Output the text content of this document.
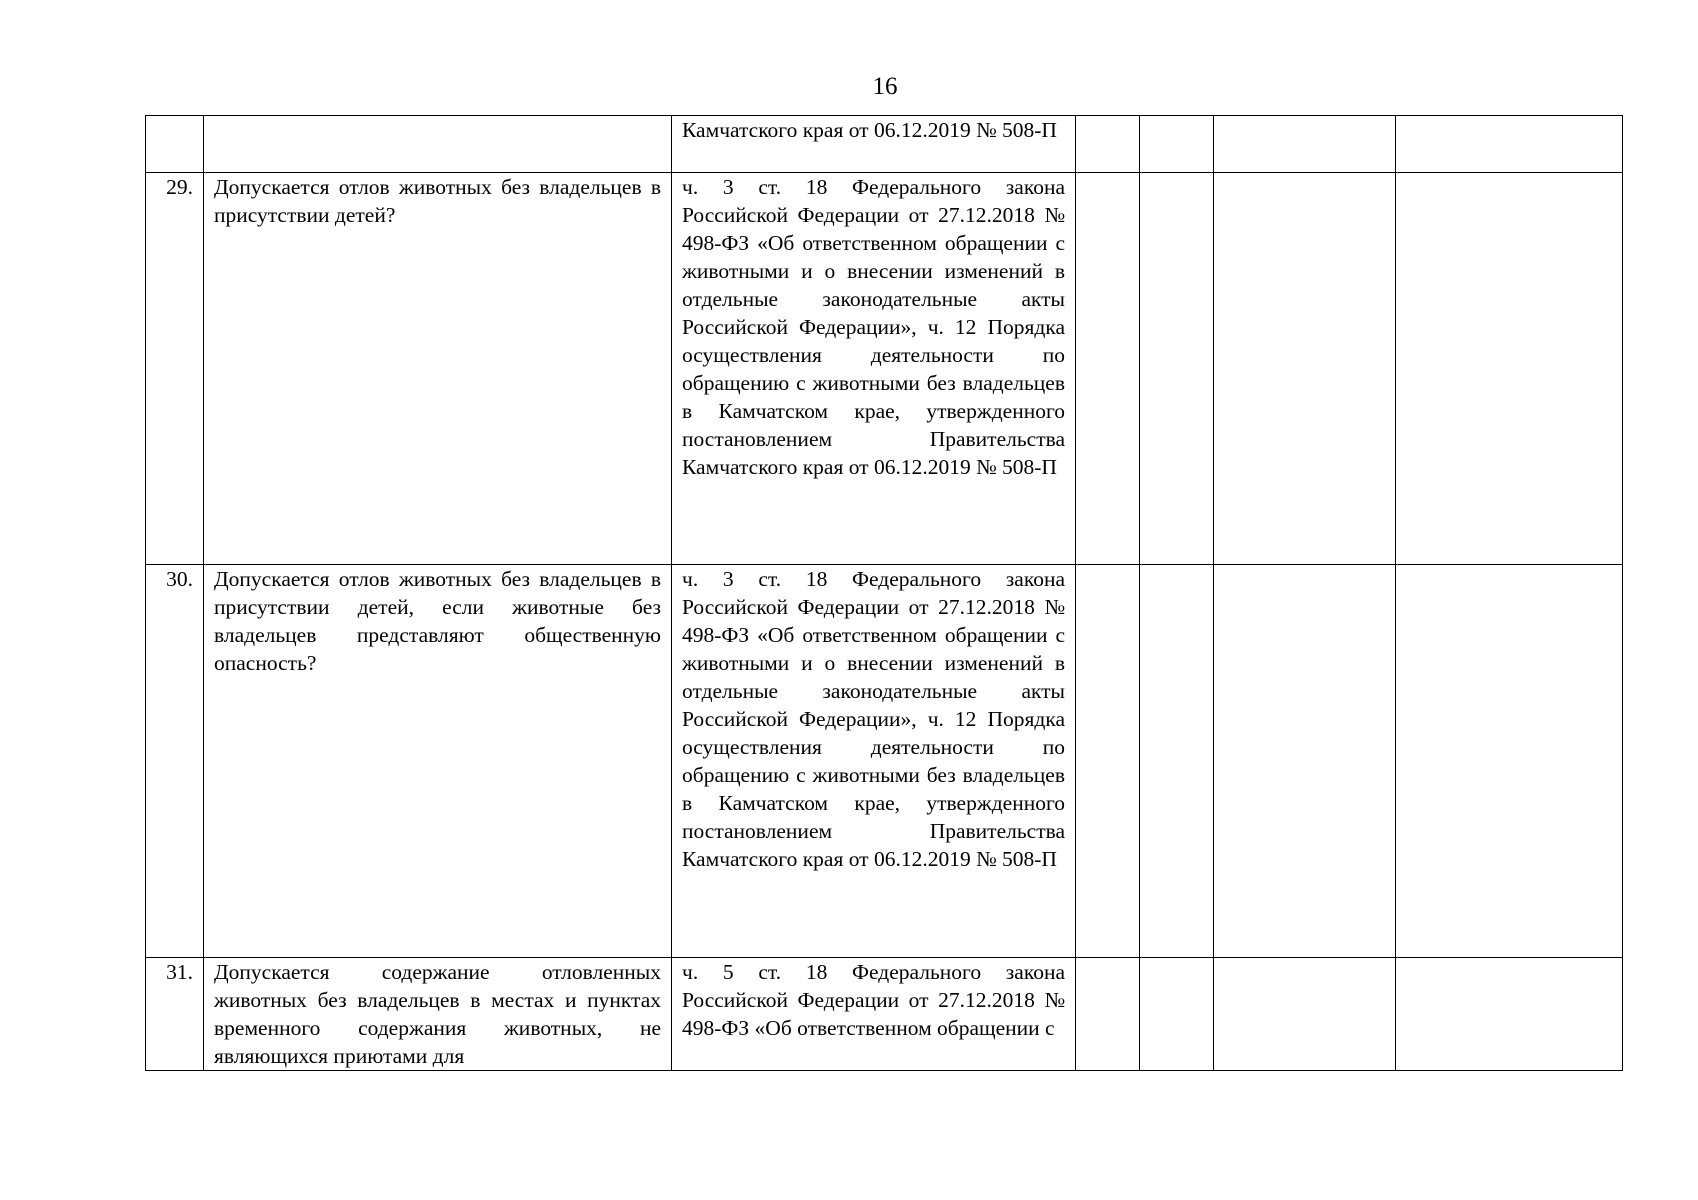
16

		Камчатского края от 06.12.2019 № 508-П				

29.	Допускается отлов животных без владельцев в присутствии детей?	ч. 3 ст. 18 Федерального закона Российской Федерации от 27.12.2018 № 498-ФЗ «Об ответственном обращении с животными и о внесении изменений в отдельные законодательные акты Российской Федерации», ч. 12 Порядка осуществления деятельности по обращению с животными без владельцев в Камчатском крае, утвержденного постановлением Правительства Камчатского края от 06.12.2019 № 508-П				

30.	Допускается отлов животных без владельцев в присутствии детей, если животные без владельцев представляют общественную опасность?	ч. 3 ст. 18 Федерального закона Российской Федерации от 27.12.2018 № 498-ФЗ «Об ответственном обращении с животными и о внесении изменений в отдельные законодательные акты Российской Федерации», ч. 12 Порядка осуществления деятельности по обращению с животными без владельцев в Камчатском крае, утвержденного постановлением Правительства Камчатского края от 06.12.2019 № 508-П				

31.	Допускается содержание отловленных животных без владельцев в местах и пунктах временного содержания животных, не являющихся приютами для	ч. 5 ст. 18 Федерального закона Российской Федерации от 27.12.2018 № 498-ФЗ «Об ответственном обращении с				
